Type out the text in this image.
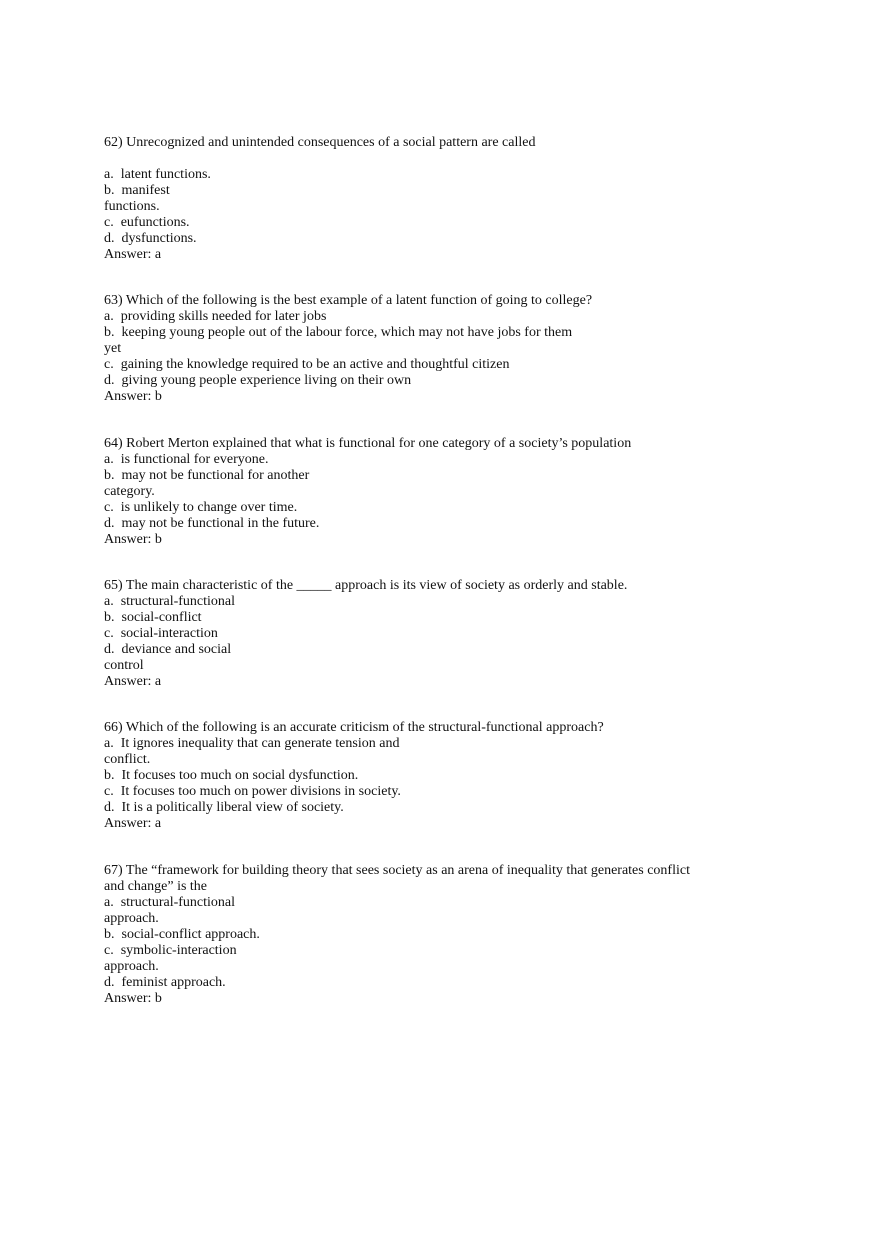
62) Unrecognized and unintended consequences of a social pattern are called
a.  latent functions.
b.  manifest
functions.
c.  eufunctions.
d.  dysfunctions.
Answer: a
63) Which of the following is the best example of a latent function of going to college?
a.  providing skills needed for later jobs
b.  keeping young people out of the labour force, which may not have jobs for them
yet
c.  gaining the knowledge required to be an active and thoughtful citizen
d.  giving young people experience living on their own
Answer: b
64) Robert Merton explained that what is functional for one category of a society’s population
a.  is functional for everyone.
b.  may not be functional for another
category.
c.  is unlikely to change over time.
d.  may not be functional in the future.
Answer: b
65) The main characteristic of the _____ approach is its view of society as orderly and stable.
a.  structural-functional
b.  social-conflict
c.  social-interaction
d.  deviance and social
control
Answer: a
66) Which of the following is an accurate criticism of the structural-functional approach?
a.  It ignores inequality that can generate tension and
conflict.
b.  It focuses too much on social dysfunction.
c.  It focuses too much on power divisions in society.
d.  It is a politically liberal view of society.
Answer: a
67) The “framework for building theory that sees society as an arena of inequality that generates conflict
and change” is the
a.  structural-functional
approach.
b.  social-conflict approach.
c.  symbolic-interaction
approach.
d.  feminist approach.
Answer: b
